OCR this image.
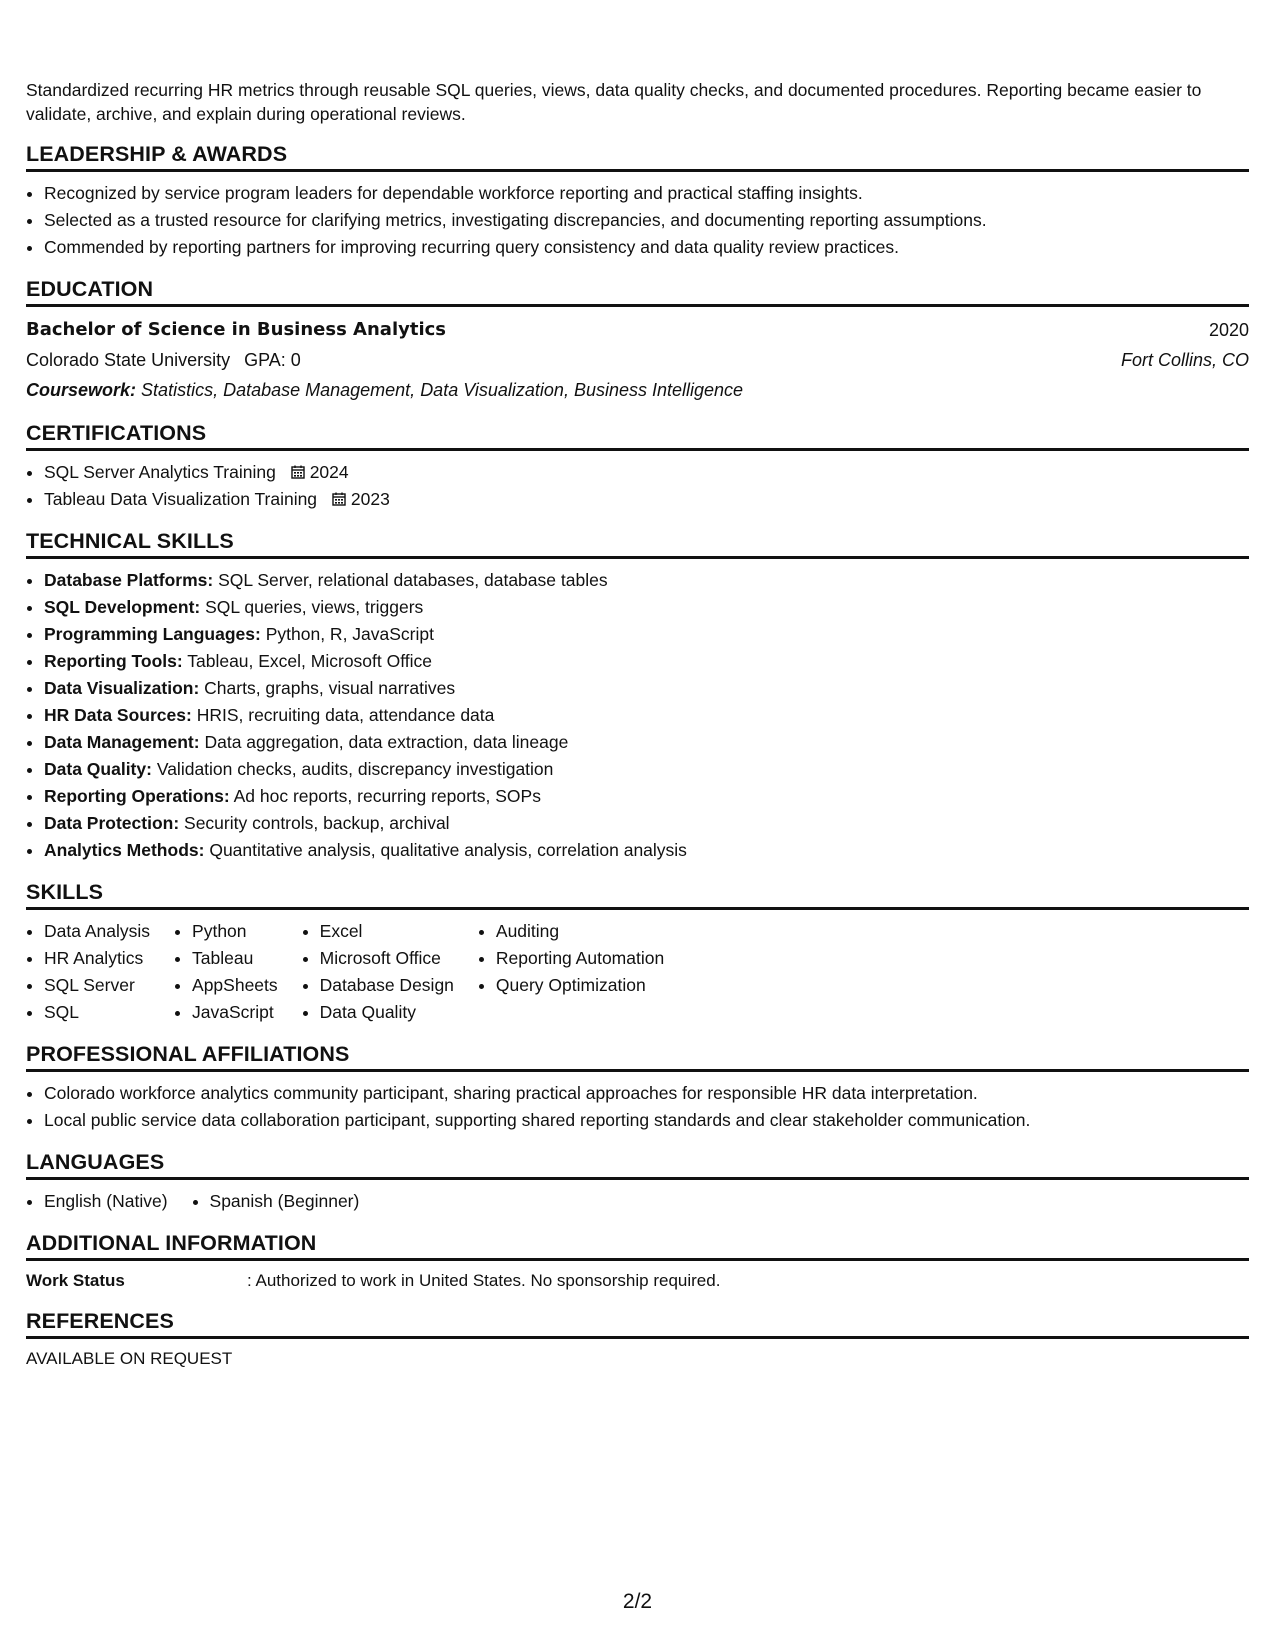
Standardized recurring HR metrics through reusable SQL queries, views, data quality checks, and documented procedures. Reporting became easier to validate, archive, and explain during operational reviews.

LEADERSHIP & AWARDS
• Recognized by service program leaders for dependable workforce reporting and practical staffing insights.
• Selected as a trusted resource for clarifying metrics, investigating discrepancies, and documenting reporting assumptions.
• Commended by reporting partners for improving recurring query consistency and data quality review practices.
EDUCATION
Bachelor of Science in Business Analytics	2020
Colorado State University GPA: 0	Fort Collins, CO
Coursework: Statistics, Database Management, Data Visualization, Business Intelligence
CERTIFICATIONS
• SQL Server Analytics Training 2024
• Tableau Data Visualization Training 2023
TECHNICAL SKILLS
• Database Platforms: SQL Server, relational databases, database tables
• SQL Development: SQL queries, views, triggers
• Programming Languages: Python, R, JavaScript
• Reporting Tools: Tableau, Excel, Microsoft Office
• Data Visualization: Charts, graphs, visual narratives
• HR Data Sources: HRIS, recruiting data, attendance data
• Data Management: Data aggregation, data extraction, data lineage
• Data Quality: Validation checks, audits, discrepancy investigation
• Reporting Operations: Ad hoc reports, recurring reports, SOPs
• Data Protection: Security controls, backup, archival
• Analytics Methods: Quantitative analysis, qualitative analysis, correlation analysis
SKILLS
• Data Analysis
• HR Analytics
• SQL Server
• SQL
• Python
• Tableau
• AppSheets
• JavaScript
• Excel
• Microsoft Office
• Database Design
• Data Quality
• Auditing
• Reporting Automation
• Query Optimization
PROFESSIONAL AFFILIATIONS
• Colorado workforce analytics community participant, sharing practical approaches for responsible HR data interpretation.
• Local public service data collaboration participant, supporting shared reporting standards and clear stakeholder communication.
LANGUAGES
• English (Native)
• Spanish (Beginner)
ADDITIONAL INFORMATION
Work Status	: Authorized to work in United States. No sponsorship required.
REFERENCES
AVAILABLE ON REQUEST
2/2
